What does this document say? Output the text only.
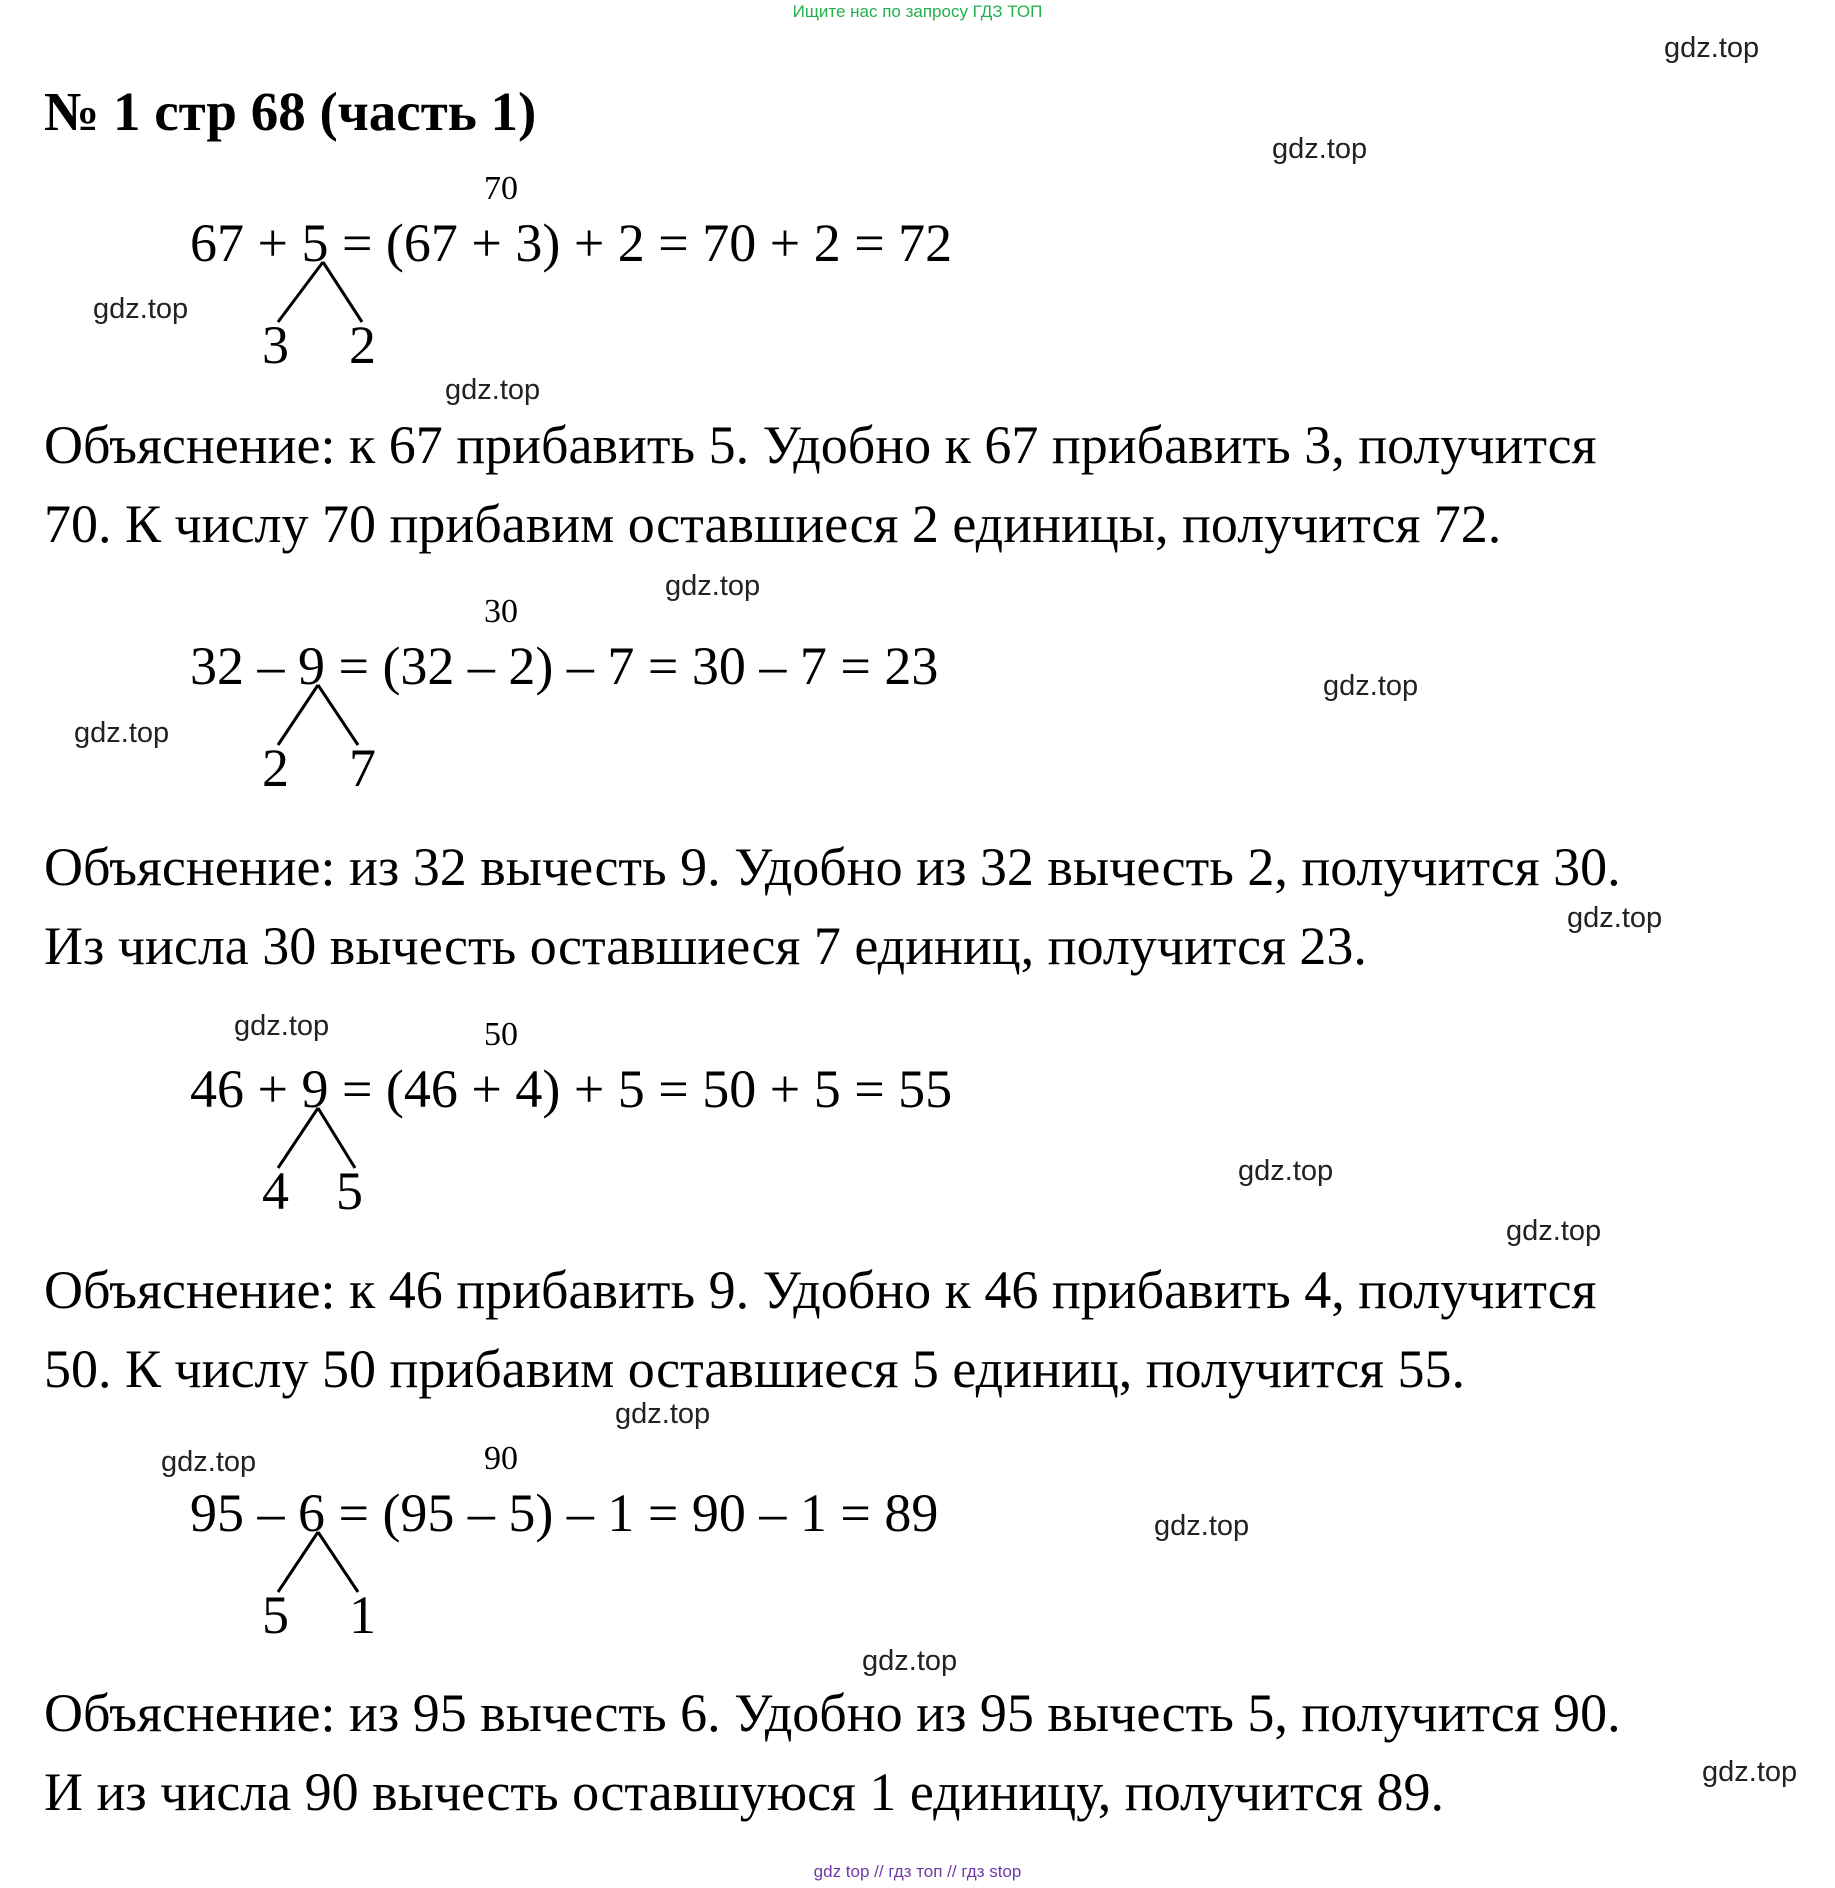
Ищите нас по запросу ГДЗ ТОП
№ 1 стр 68 (часть 1)
70
67 + 5 = (67 + 3) + 2 = 70 + 2 = 72
3 2
Объяснение: к 67 прибавить 5. Удобно к 67 прибавить 3, получится
70. К числу 70 прибавим оставшиеся 2 единицы, получится 72.
30
32 – 9 = (32 – 2) – 7 = 30 – 7 = 23
2 7
Объяснение: из 32 вычесть 9. Удобно из 32 вычесть 2, получится 30.
Из числа 30 вычесть оставшиеся 7 единиц, получится 23.
50
46 + 9 = (46 + 4) + 5 = 50 + 5 = 55
4 5
Объяснение: к 46 прибавить 9. Удобно к 46 прибавить 4, получится
50. К числу 50 прибавим оставшиеся 5 единиц, получится 55.
90
95 – 6 = (95 – 5) – 1 = 90 – 1 = 89
5 1
Объяснение: из 95 вычесть 6. Удобно из 95 вычесть 5, получится 90.
И из числа 90 вычесть оставшуюся 1 единицу, получится 89.
gdz.top
gdz.top
gdz.top
gdz.top
gdz.top
gdz.top
gdz.top
gdz.top
gdz.top
gdz.top
gdz.top
gdz.top
gdz.top
gdz.top
gdz.top
gdz.top
gdz top // гдз топ // гдз stop
